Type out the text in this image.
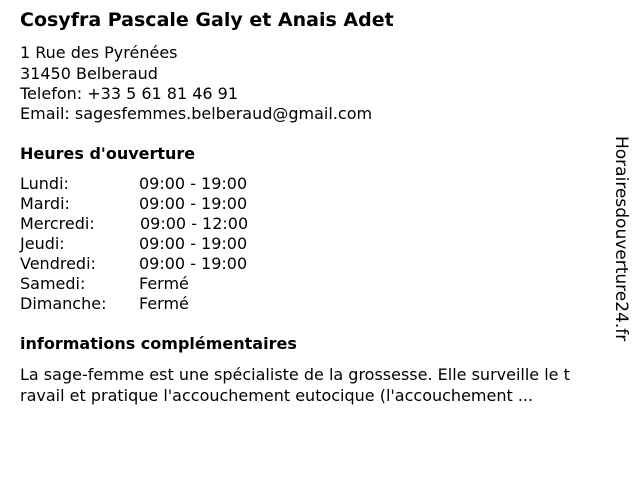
Cosyfra Pascale Galy et Anais Adet
1 Rue des Pyrénées
31450 Belberaud
Telefon: +33 5 61 81 46 91
Email: sagesfemmes.belberaud@gmail.com
Heures d'ouverture
Lundi:	09:00 - 19:00
Mardi:	09:00 - 19:00
Mercredi:	09:00 - 12:00
Jeudi:	09:00 - 19:00
Vendredi:	09:00 - 19:00
Samedi:	Fermé
Dimanche: Fermé
informations complémentaires
La sage-femme est une spécialiste de la grossesse. Elle surveille le t
ravail et pratique l'accouchement eutocique (l'accouchement ...
Horairesdouverture24.fr
